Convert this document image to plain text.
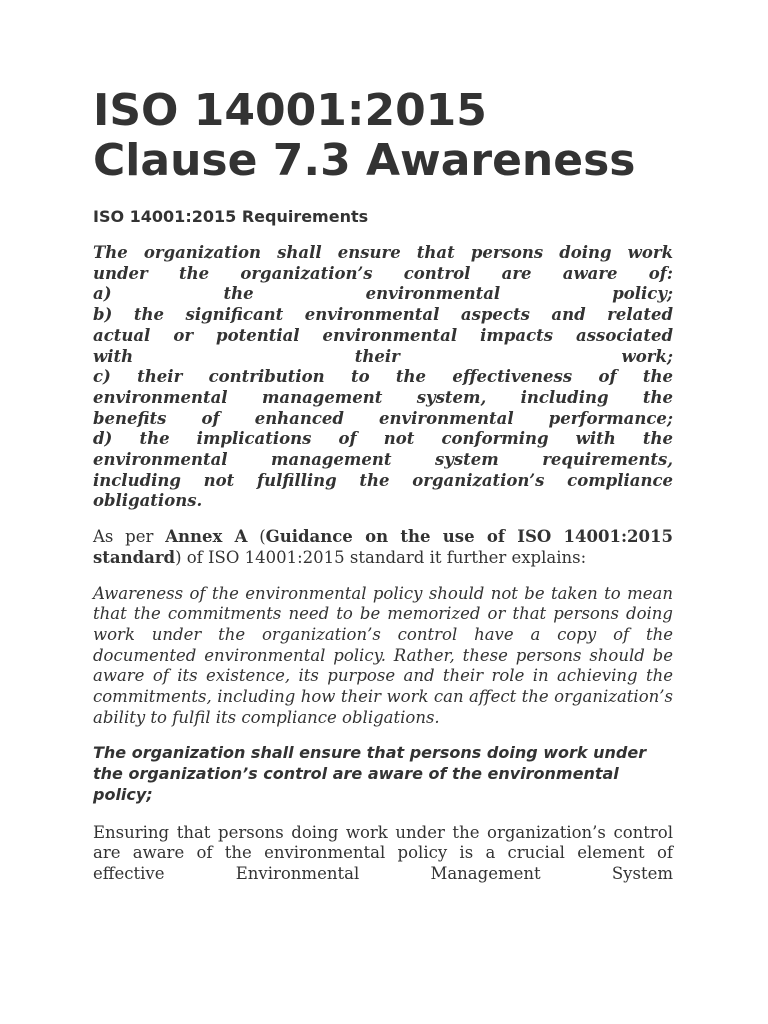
ISO 14001:2015
Clause 7.3 Awareness
ISO 14001:2015 Requirements
The organization shall ensure that persons doing work
under the organization’s control are aware of:
a) the environmental policy;
b) the significant environmental aspects and related
actual or potential environmental impacts associated
with their work;
c) their contribution to the effectiveness of the
environmental management system, including the
benefits of enhanced environmental performance;
d) the implications of not conforming with the
environmental management system requirements,
including not fulfilling the organization’s compliance
obligations.

As per Annex A (Guidance on the use of ISO 14001:2015 standard) of ISO 14001:2015 standard it further explains:

Awareness of the environmental policy should not be taken to mean that the commitments need to be memorized or that persons doing work under the organization’s control have a copy of the documented environmental policy. Rather, these persons should be aware of its existence, its purpose and their role in achieving the commitments, including how their work can affect the organization’s ability to fulfil its compliance obligations.

The organization shall ensure that persons doing work under the organization’s control are aware of the environmental policy;

Ensuring that persons doing work under the organization’s control are aware of the environmental policy is a crucial element of effective Environmental Management System
